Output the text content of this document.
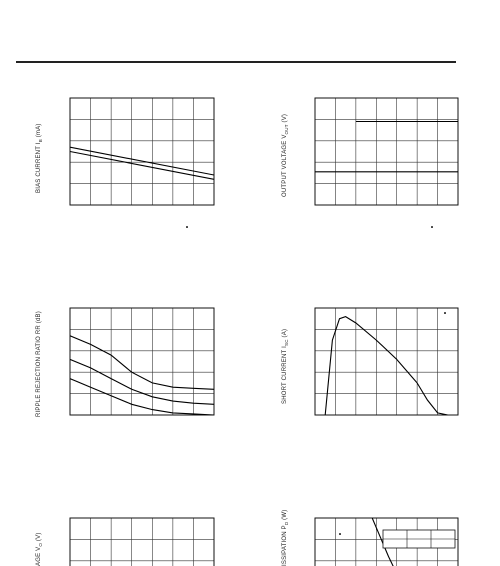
BIAS CURRENT $I_B$ (mA)
OUTPUT VOLTAGE $V_{OUT}$ (V)
RIPPLE REJECTION RATIO RR (dB)
SHORT CURRENT $I_{SC}$ (A)
AGE $V_O$ (V)	ISSIPATION $P_D$ (W)
